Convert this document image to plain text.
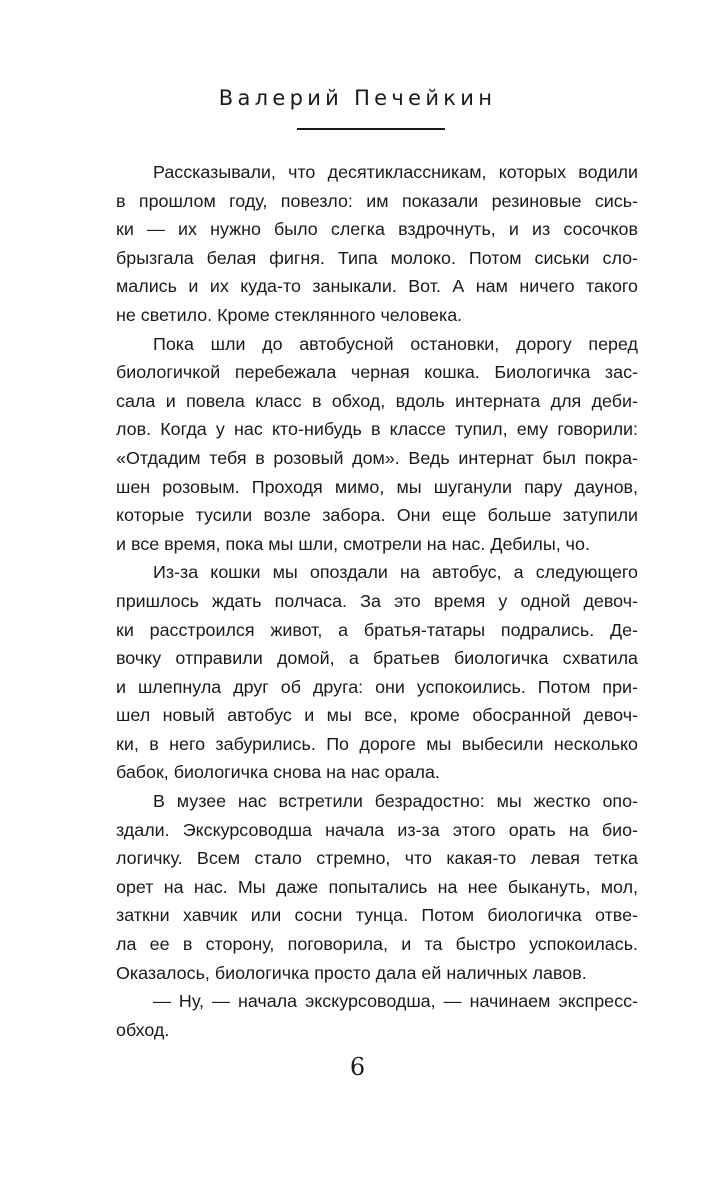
Валерий Печейкин
Рассказывали, что десятиклассникам, которых водили
в прошлом году, повезло: им показали резиновые сись-
ки — их нужно было слегка вздрочнуть, и из сосочков
брызгала белая фигня. Типа молоко. Потом сиськи сло-
мались и их куда-то заныкали. Вот. А нам ничего такого
не светило. Кроме стеклянного человека.
Пока шли до автобусной остановки, дорогу перед
биологичкой перебежала черная кошка. Биологичка зас-
сала и повела класс в обход, вдоль интерната для деби-
лов. Когда у нас кто-нибудь в классе тупил, ему говорили:
«Отдадим тебя в розовый дом». Ведь интернат был покра-
шен розовым. Проходя мимо, мы шуганули пару даунов,
которые тусили возле забора. Они еще больше затупили
и все время, пока мы шли, смотрели на нас. Дебилы, чо.
Из-за кошки мы опоздали на автобус, а следующего
пришлось ждать полчаса. За это время у одной девоч-
ки расстроился живот, а братья-татары подрались. Де-
вочку отправили домой, а братьев биологичка схватила
и шлепнула друг об друга: они успокоились. Потом при-
шел новый автобус и мы все, кроме обосранной девоч-
ки, в него забурились. По дороге мы выбесили несколько
бабок, биологичка снова на нас орала.
В музее нас встретили безрадостно: мы жестко опо-
здали. Экскурсоводша начала из-за этого орать на био-
логичку. Всем стало стремно, что какая-то левая тетка
орет на нас. Мы даже попытались на нее быкануть, мол,
заткни хавчик или сосни тунца. Потом биологичка отве-
ла ее в сторону, поговорила, и та быстро успокоилась.
Оказалось, биологичка просто дала ей наличных лавов.
— Ну, — начала экскурсоводша, — начинаем экспресс-
обход.
6
